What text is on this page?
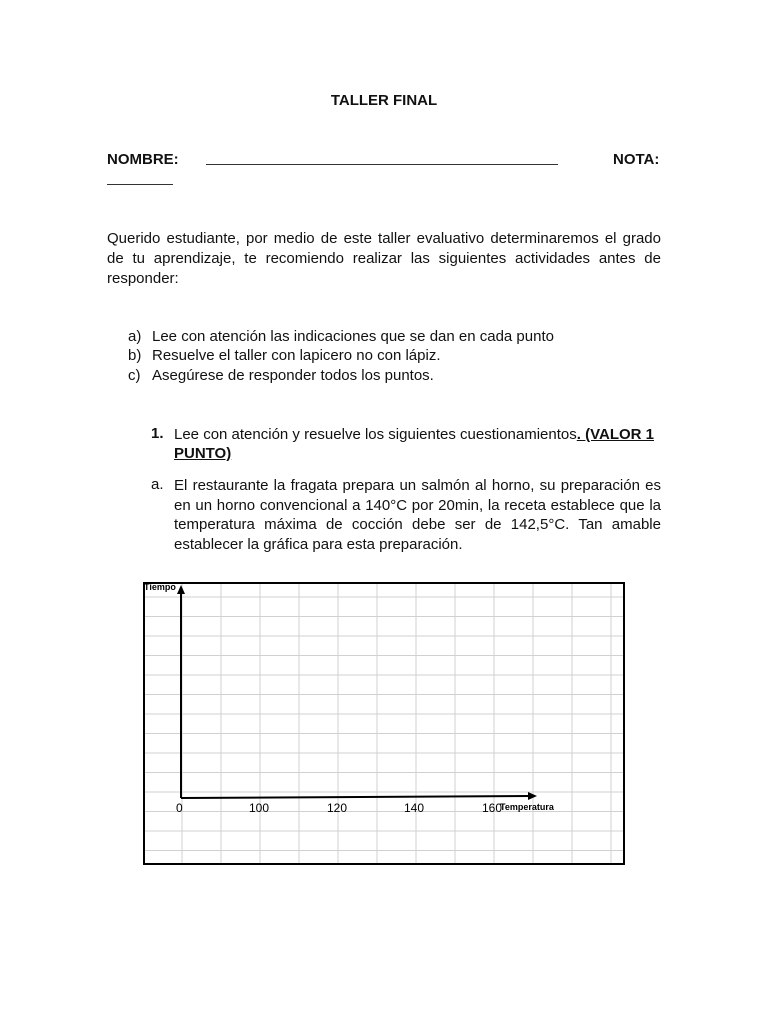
TALLER FINAL
NOMBRE:	NOTA:
Querido estudiante, por medio de este taller evaluativo determinaremos el grado de tu aprendizaje, te recomiendo realizar las siguientes actividades antes de responder:
a) Lee con atención las indicaciones que se dan en cada punto
b) Resuelve el taller con lapicero no con lápiz.
c) Asegúrese de responder todos los puntos.
1. Lee con atención y resuelve los siguientes cuestionamientos. (VALOR 1 PUNTO)
a. El restaurante la fragata prepara un salmón al horno, su preparación es en un horno convencional a 140°C por 20min, la receta establece que la temperatura máxima de cocción debe ser de 142,5°C. Tan amable establecer la gráfica para esta preparación.
Tiempo
Temperatura
0	100	120	140	160
